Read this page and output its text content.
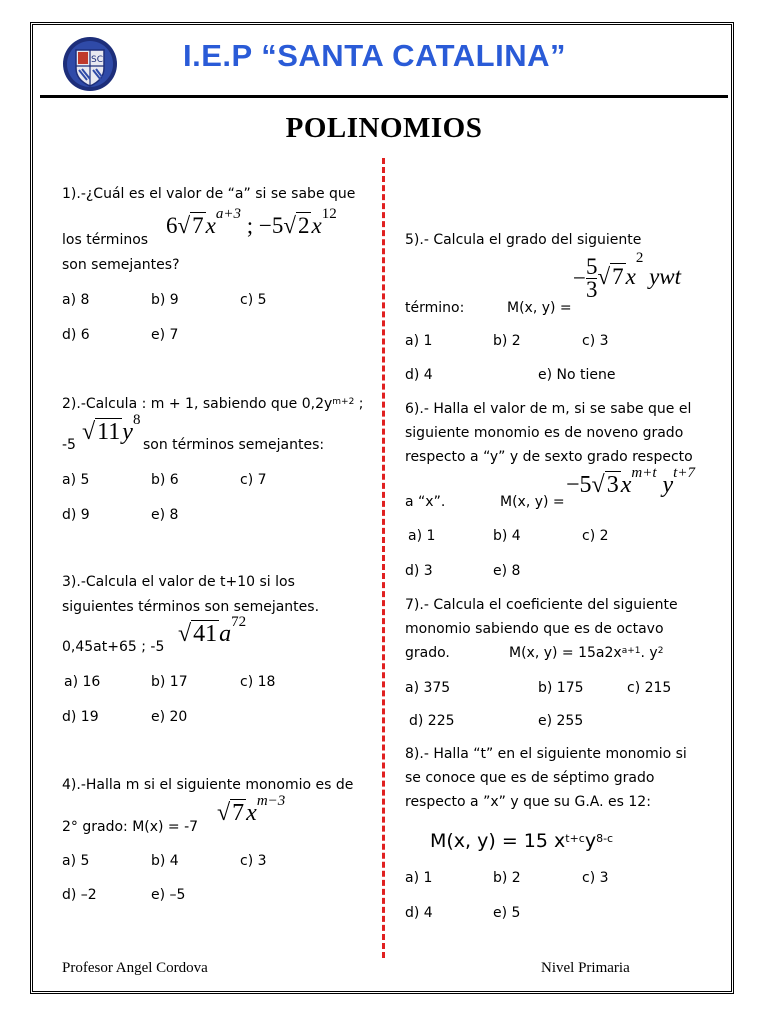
SC	I.E.P “SANTA CATALINA”
POLINOMIOS
1).-¿Cuál es el valor de “a” si se sabe que
los términos
$6√7x^{a+3}$ ; $-5√2x^{12}$
son semejantes?
a) 8	b) 9	c) 5
d) 6	e) 7
2).-Calcula : m + 1, sabiendo que $0,2y^{m+2}$ ;
-5 $√11y^8$
son términos semejantes:
a) 5	b) 6	c) 7
d) 9	e) 8
3).-Calcula el valor de t+10 si los
siguientes términos son semejantes.
0,45at+65 ; -5 $√41a^{72}$
a) 16	b) 17	c) 18
d) 19	e) 20
4).-Halla m si el siguiente monomio es de
2° grado: M(x) = -7
$√7x^{m-3}$
a) 5	b) 4	c) 3
d) –2	e) –5
5).- Calcula el grado del siguiente
− $\frac{5}{3} √7x^2$ ywt
término:	M(x, y) =
a) 1	b) 2	c) 3
d) 4	e) No tiene
6).- Halla el valor de m, si se sabe que el
siguiente monomio es de noveno grado
respecto a “y” y de sexto grado respecto
a “x”.	M(x, y) =
$-5√3x^{m+t}$ $y^{t+7}$
a) 1	b) 4	c) 2
d) 3	e) 8
7).- Calcula el coeficiente del siguiente
monomio sabiendo que es de octavo
grado.	M(x, $y) = 15a2x^{a+1}$. $y^2$
a) 375	b) 175	c) 215
d) 225	e) 255
8).- Halla “t” en el siguiente monomio si
se conoce que es de séptimo grado
respecto a ”x” y que su G.A. es 12:
M(x, y) = 15 $x^{t+c}y^{8-c}$
a) 1	b) 2	c) 3
d) 4	e) 5
Profesor Angel Cordova	Nivel Primaria
